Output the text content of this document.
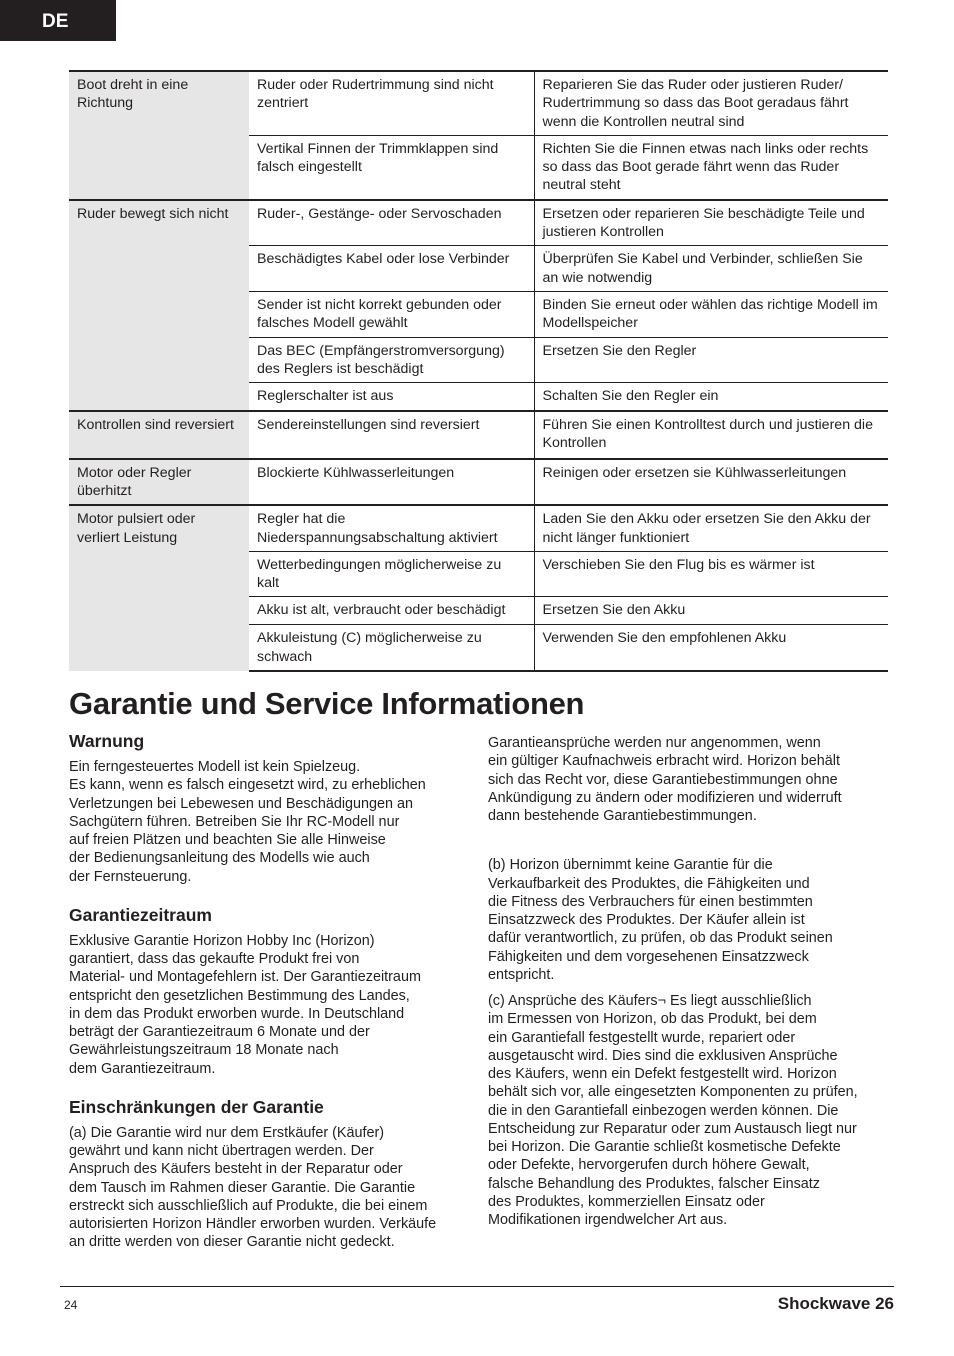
DE
Boot dreht in eine Richtung	Ruder oder Rudertrimmung sind nicht zentriert	Reparieren Sie das Ruder oder justieren Ruder/ Rudertrimmung so dass das Boot geradaus fährt wenn die Kontrollen neutral sind
	Vertikal Finnen der Trimmklappen sind falsch eingestellt	Richten Sie die Finnen etwas nach links oder rechts so dass das Boot gerade fährt wenn das Ruder neutral steht
Ruder bewegt sich nicht	Ruder-, Gestänge- oder Servoschaden	Ersetzen oder reparieren Sie beschädigte Teile und justieren Kontrollen
	Beschädigtes Kabel oder lose Verbinder	Überprüfen Sie Kabel und Verbinder, schließen Sie an wie notwendig
	Sender ist nicht korrekt gebunden oder falsches Modell gewählt	Binden Sie erneut oder wählen das richtige Modell im Modellspeicher
	Das BEC (Empfängerstromversorgung) des Reglers ist beschädigt	Ersetzen Sie den Regler
	Reglerschalter ist aus	Schalten Sie den Regler ein
Kontrollen sind reversiert	Sendereinstellungen sind reversiert	Führen Sie einen Kontrolltest durch und justieren die Kontrollen
Motor oder Regler überhitzt	Blockierte Kühlwasserleitungen	Reinigen oder ersetzen sie Kühlwasserleitungen
Motor pulsiert oder verliert Leistung	Regler hat die Niederspannungsabschaltung aktiviert	Laden Sie den Akku oder ersetzen Sie den Akku der nicht länger funktioniert
	Wetterbedingungen möglicherweise zu kalt	Verschieben Sie den Flug bis es wärmer ist
	Akku ist alt, verbraucht oder beschädigt	Ersetzen Sie den Akku
	Akkuleistung (C) möglicherweise zu schwach	Verwenden Sie den empfohlenen Akku
Garantie und Service Informationen
Warnung

Ein ferngesteuertes Modell ist kein Spielzeug.
Es kann, wenn es falsch eingesetzt wird, zu erheblichen
Verletzungen bei Lebewesen und Beschädigungen an
Sachgütern führen. Betreiben Sie Ihr RC-Modell nur
auf freien Plätzen und beachten Sie alle Hinweise
der Bedienungsanleitung des Modells wie auch
der Fernsteuerung.

Garantiezeitraum

Exklusive Garantie Horizon Hobby Inc (Horizon)
garantiert, dass das gekaufte Produkt frei von
Material- und Montagefehlern ist. Der Garantiezeitraum
entspricht den gesetzlichen Bestimmung des Landes,
in dem das Produkt erworben wurde. In Deutschland
beträgt der Garantiezeitraum 6 Monate und der
Gewährleistungszeitraum 18 Monate nach
dem Garantiezeitraum.

Einschränkungen der Garantie

(a) Die Garantie wird nur dem Erstkäufer (Käufer)
gewährt und kann nicht übertragen werden. Der
Anspruch des Käufers besteht in der Reparatur oder
dem Tausch im Rahmen dieser Garantie. Die Garantie
erstreckt sich ausschließlich auf Produkte, die bei einem
autorisierten Horizon Händler erworben wurden. Verkäufe
an dritte werden von dieser Garantie nicht gedeckt.

Garantieansprüche werden nur angenommen, wenn
ein gültiger Kaufnachweis erbracht wird. Horizon behält
sich das Recht vor, diese Garantiebestimmungen ohne
Ankündigung zu ändern oder modifizieren und widerruft
dann bestehende Garantiebestimmungen.

(b) Horizon übernimmt keine Garantie für die
Verkaufbarkeit des Produktes, die Fähigkeiten und
die Fitness des Verbrauchers für einen bestimmten
Einsatzzweck des Produktes. Der Käufer allein ist
dafür verantwortlich, zu prüfen, ob das Produkt seinen
Fähigkeiten und dem vorgesehenen Einsatzzweck
entspricht.

(c) Ansprüche des Käufers¬ Es liegt ausschließlich
im Ermessen von Horizon, ob das Produkt, bei dem
ein Garantiefall festgestellt wurde, repariert oder
ausgetauscht wird. Dies sind die exklusiven Ansprüche
des Käufers, wenn ein Defekt festgestellt wird. Horizon
behält sich vor, alle eingesetzten Komponenten zu prüfen,
die in den Garantiefall einbezogen werden können. Die
Entscheidung zur Reparatur oder zum Austausch liegt nur
bei Horizon. Die Garantie schließt kosmetische Defekte
oder Defekte, hervorgerufen durch höhere Gewalt,
falsche Behandlung des Produktes, falscher Einsatz
des Produktes, kommerziellen Einsatz oder
Modifikationen irgendwelcher Art aus.

24	Shockwave 26
